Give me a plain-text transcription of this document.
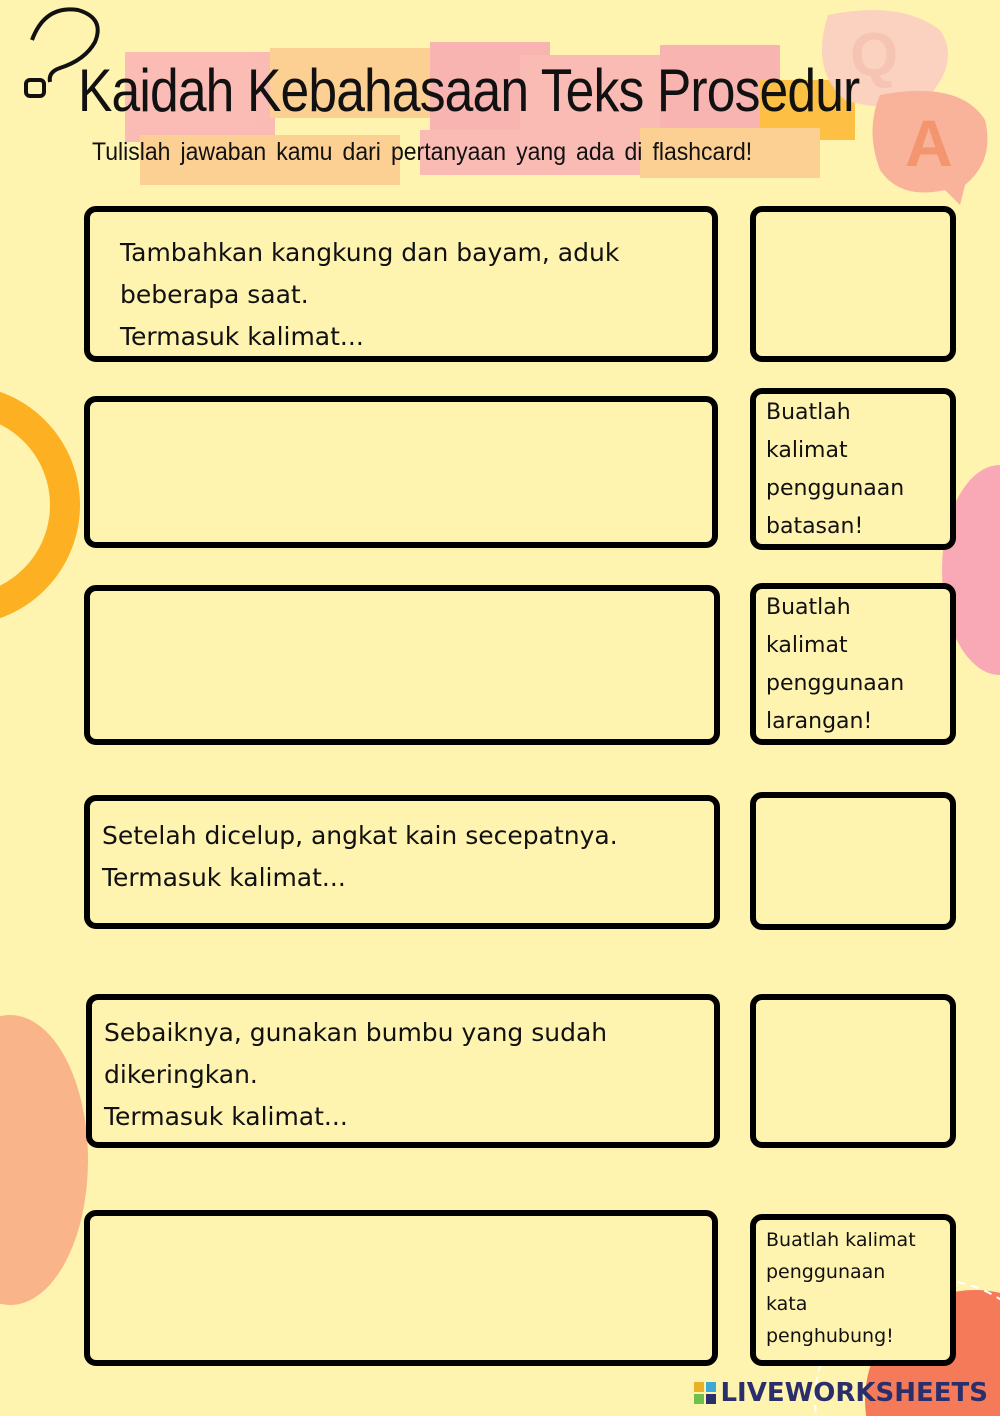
Q
A
Kaidah Kebahasaan Teks Prosedur

Tulislah jawaban kamu dari pertanyaan yang ada di flashcard!

Tambahkan kangkung dan bayam, aduk
beberapa saat.
Termasuk kalimat...
Buatlah
kalimat
penggunaan
batasan!
Buatlah
kalimat
penggunaan
larangan!
Setelah dicelup, angkat kain secepatnya.
Termasuk kalimat...
Sebaiknya, gunakan bumbu yang sudah
dikeringkan.
Termasuk kalimat...
Buatlah kalimat
penggunaan
kata
penghubung!
LIVEWORKSHEETS
